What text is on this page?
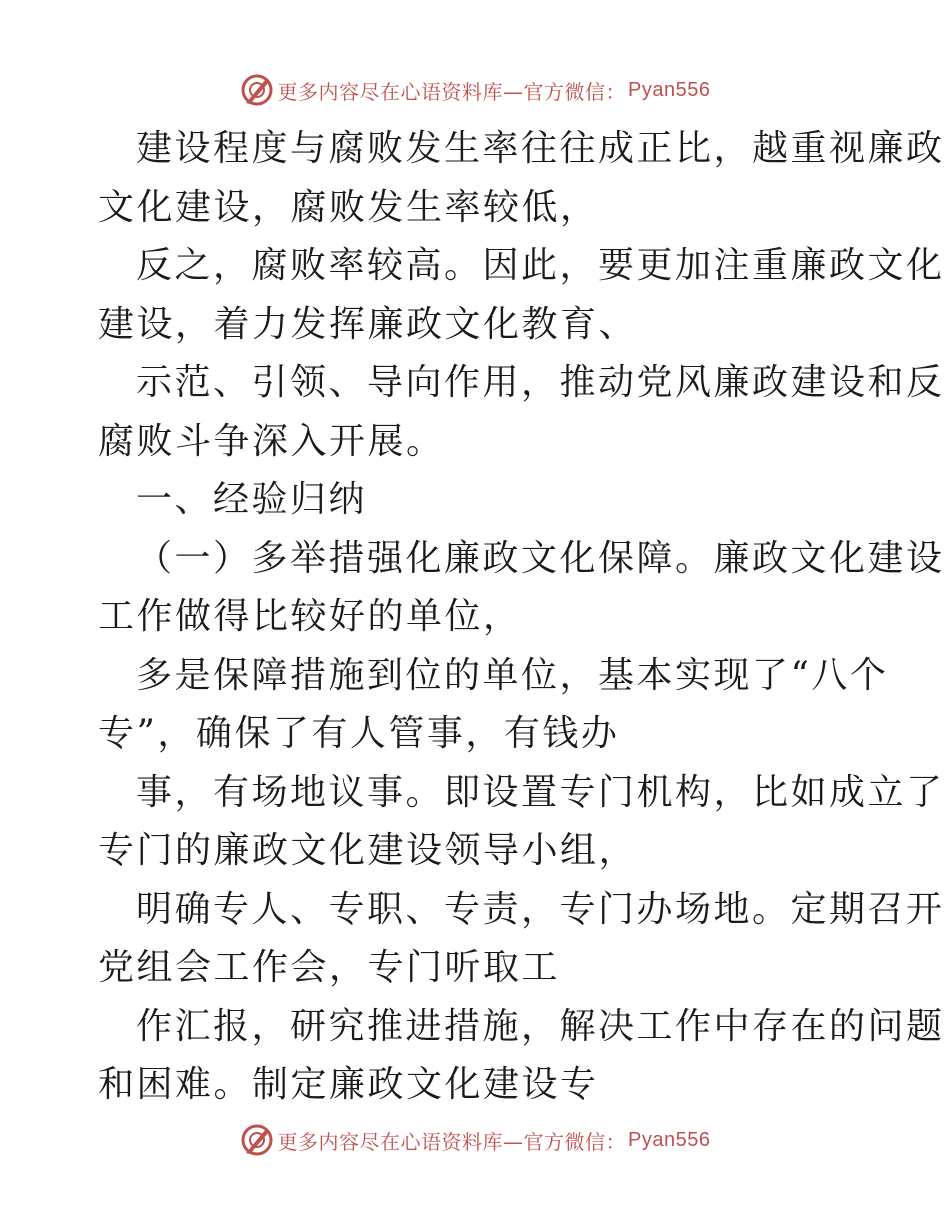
更多内容尽在心语资料库—官方微信： Pyan556

建设程度与腐败发生率往往成正比，越重视廉政

文化建设，腐败发生率较低，

反之，腐败率较高。因此，要更加注重廉政文化

建设，着力发挥廉政文化教育、

示范、引领、导向作用，推动党风廉政建设和反

腐败斗争深入开展。

一、经验归纳

（一）多举措强化廉政文化保障。廉政文化建设

工作做得比较好的单位，

多是保障措施到位的单位，基本实现了“八个

专”，确保了有人管事，有钱办

事，有场地议事。即设置专门机构，比如成立了

专门的廉政文化建设领导小组，

明确专人、专职、专责，专门办场地。定期召开

党组会工作会，专门听取工

作汇报，研究推进措施，解决工作中存在的问题

和困难。制定廉政文化建设专

更多内容尽在心语资料库—官方微信： Pyan556
